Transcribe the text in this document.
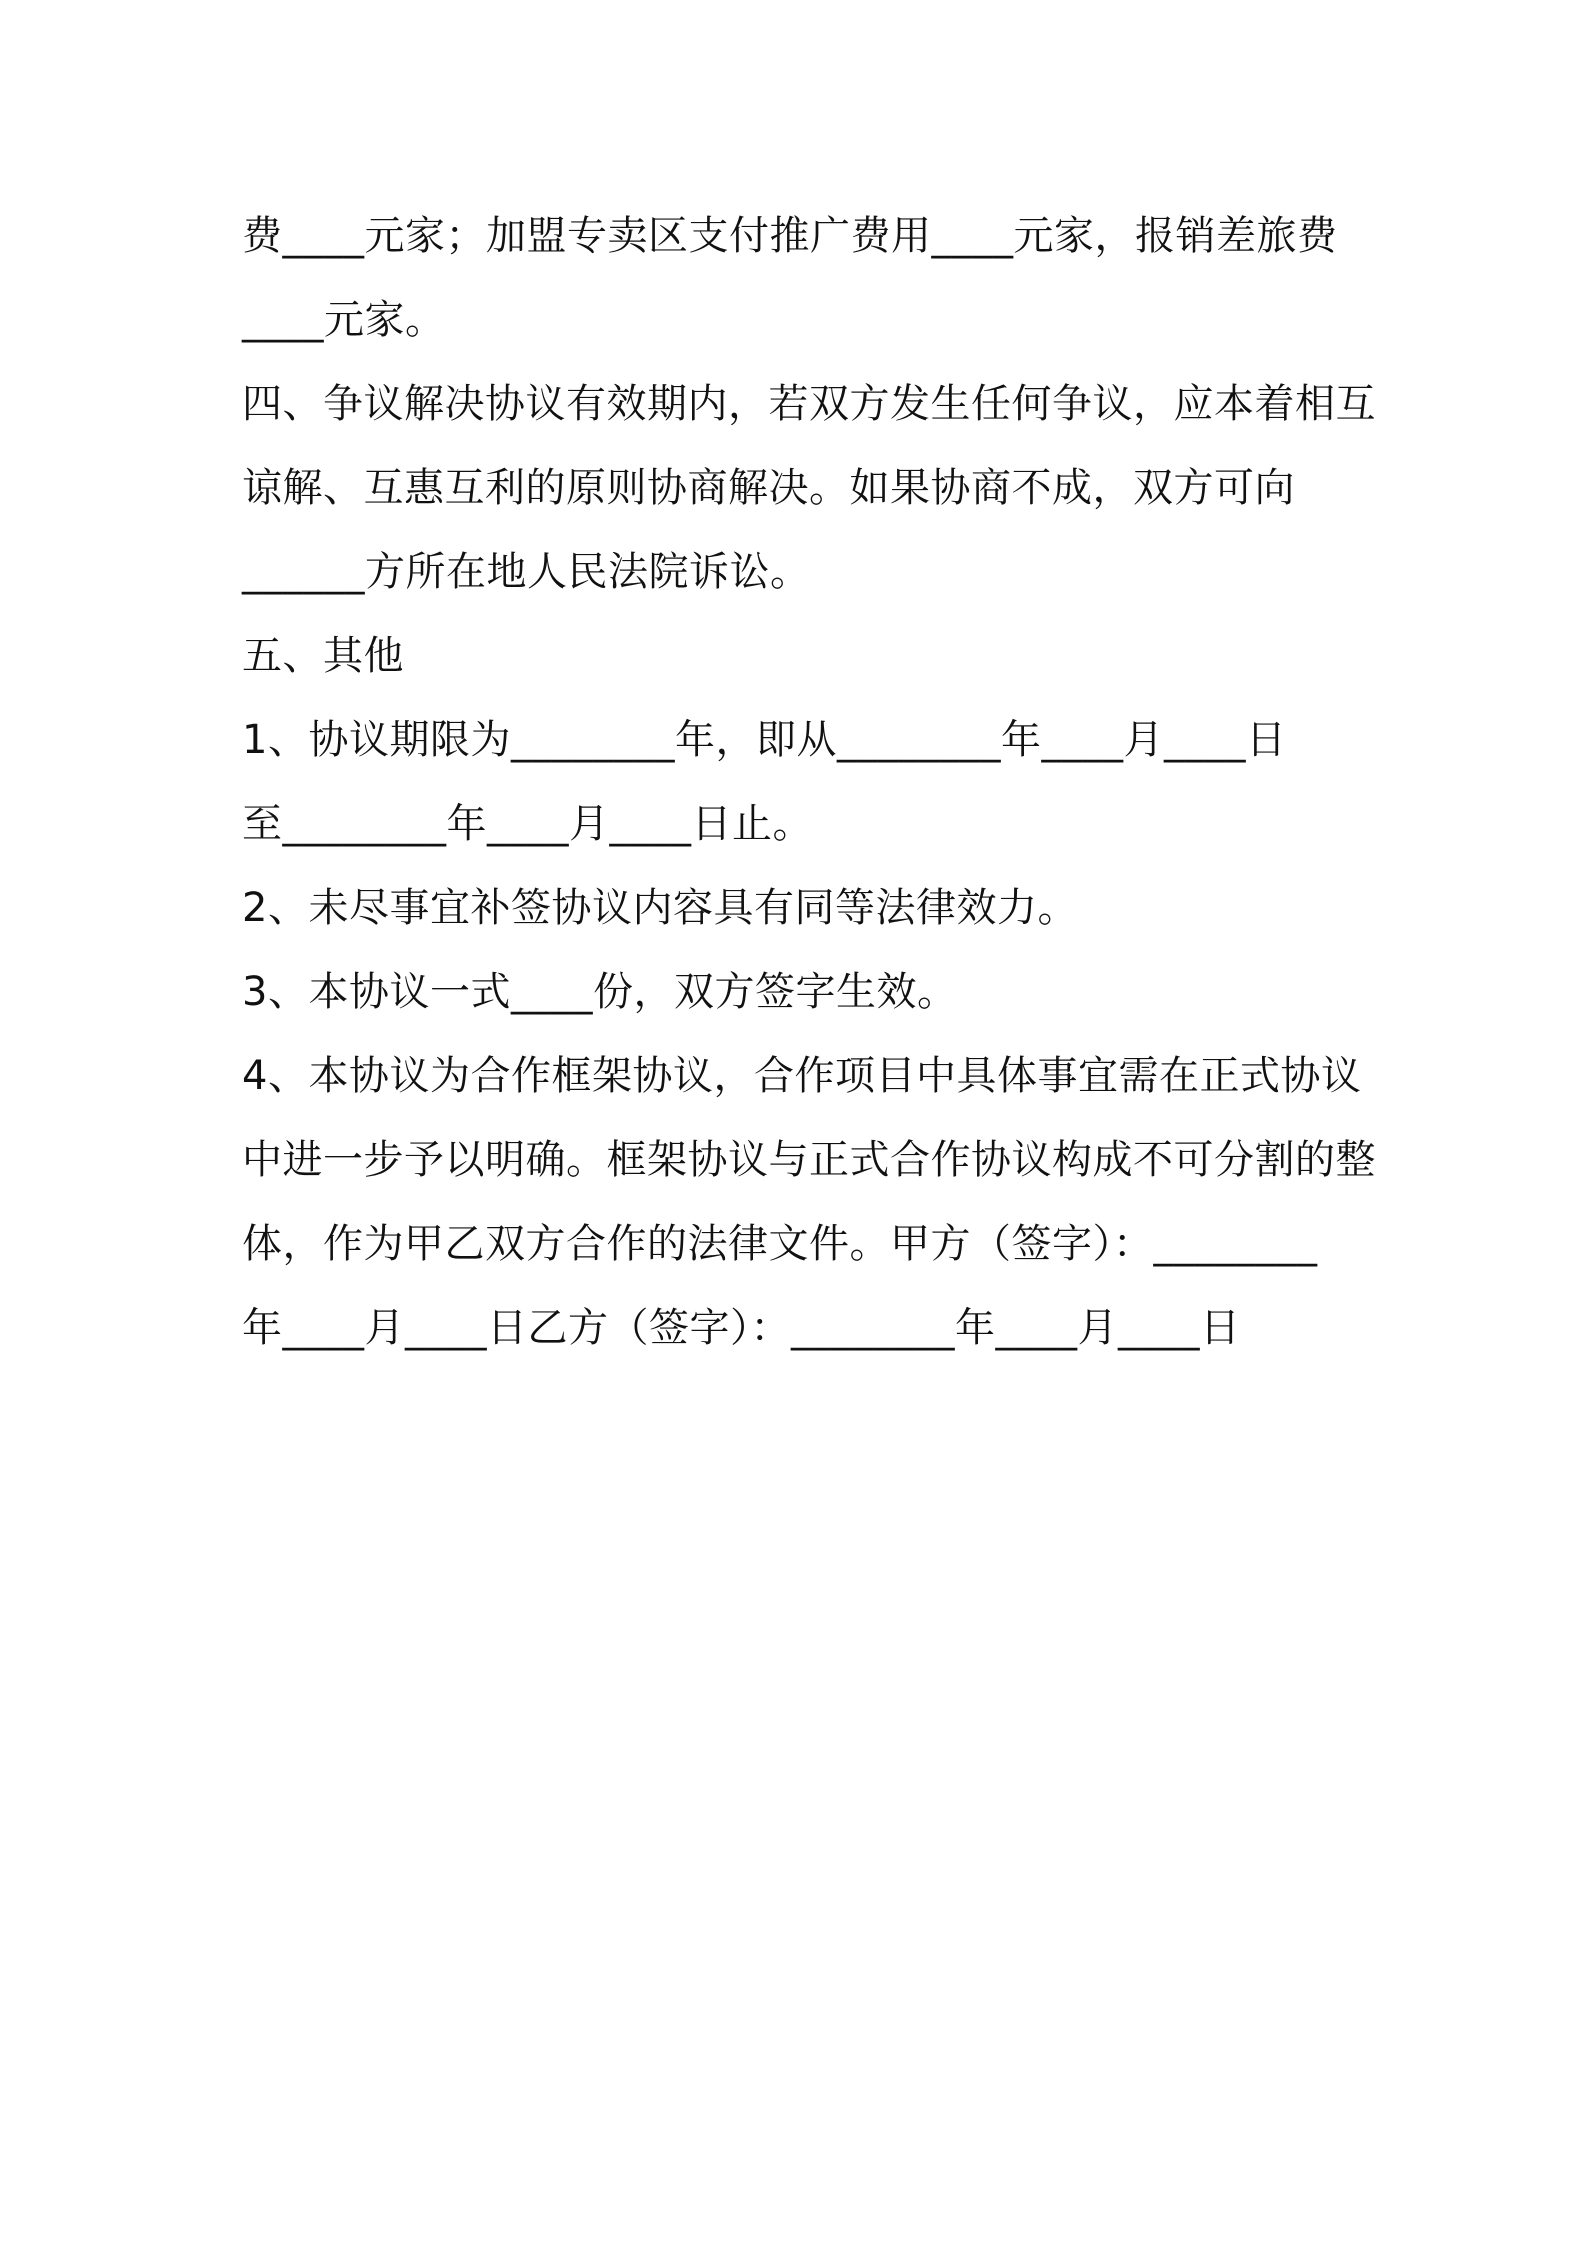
费____元家；加盟专卖区支付推广费用____元家，报销差旅费
____元家。
四、争议解决协议有效期内，若双方发生任何争议，应本着相互
谅解、互惠互利的原则协商解决。如果协商不成，双方可向
______方所在地人民法院诉讼。
五、其他
1、协议期限为________年，即从________年____月____日
至________年____月____日止。
2、未尽事宜补签协议内容具有同等法律效力。
3、本协议一式____份，双方签字生效。
4、本协议为合作框架协议，合作项目中具体事宜需在正式协议
中进一步予以明确。框架协议与正式合作协议构成不可分割的整
体，作为甲乙双方合作的法律文件。甲方（签字）：________
年____月____日乙方（签字）：________年____月____日
